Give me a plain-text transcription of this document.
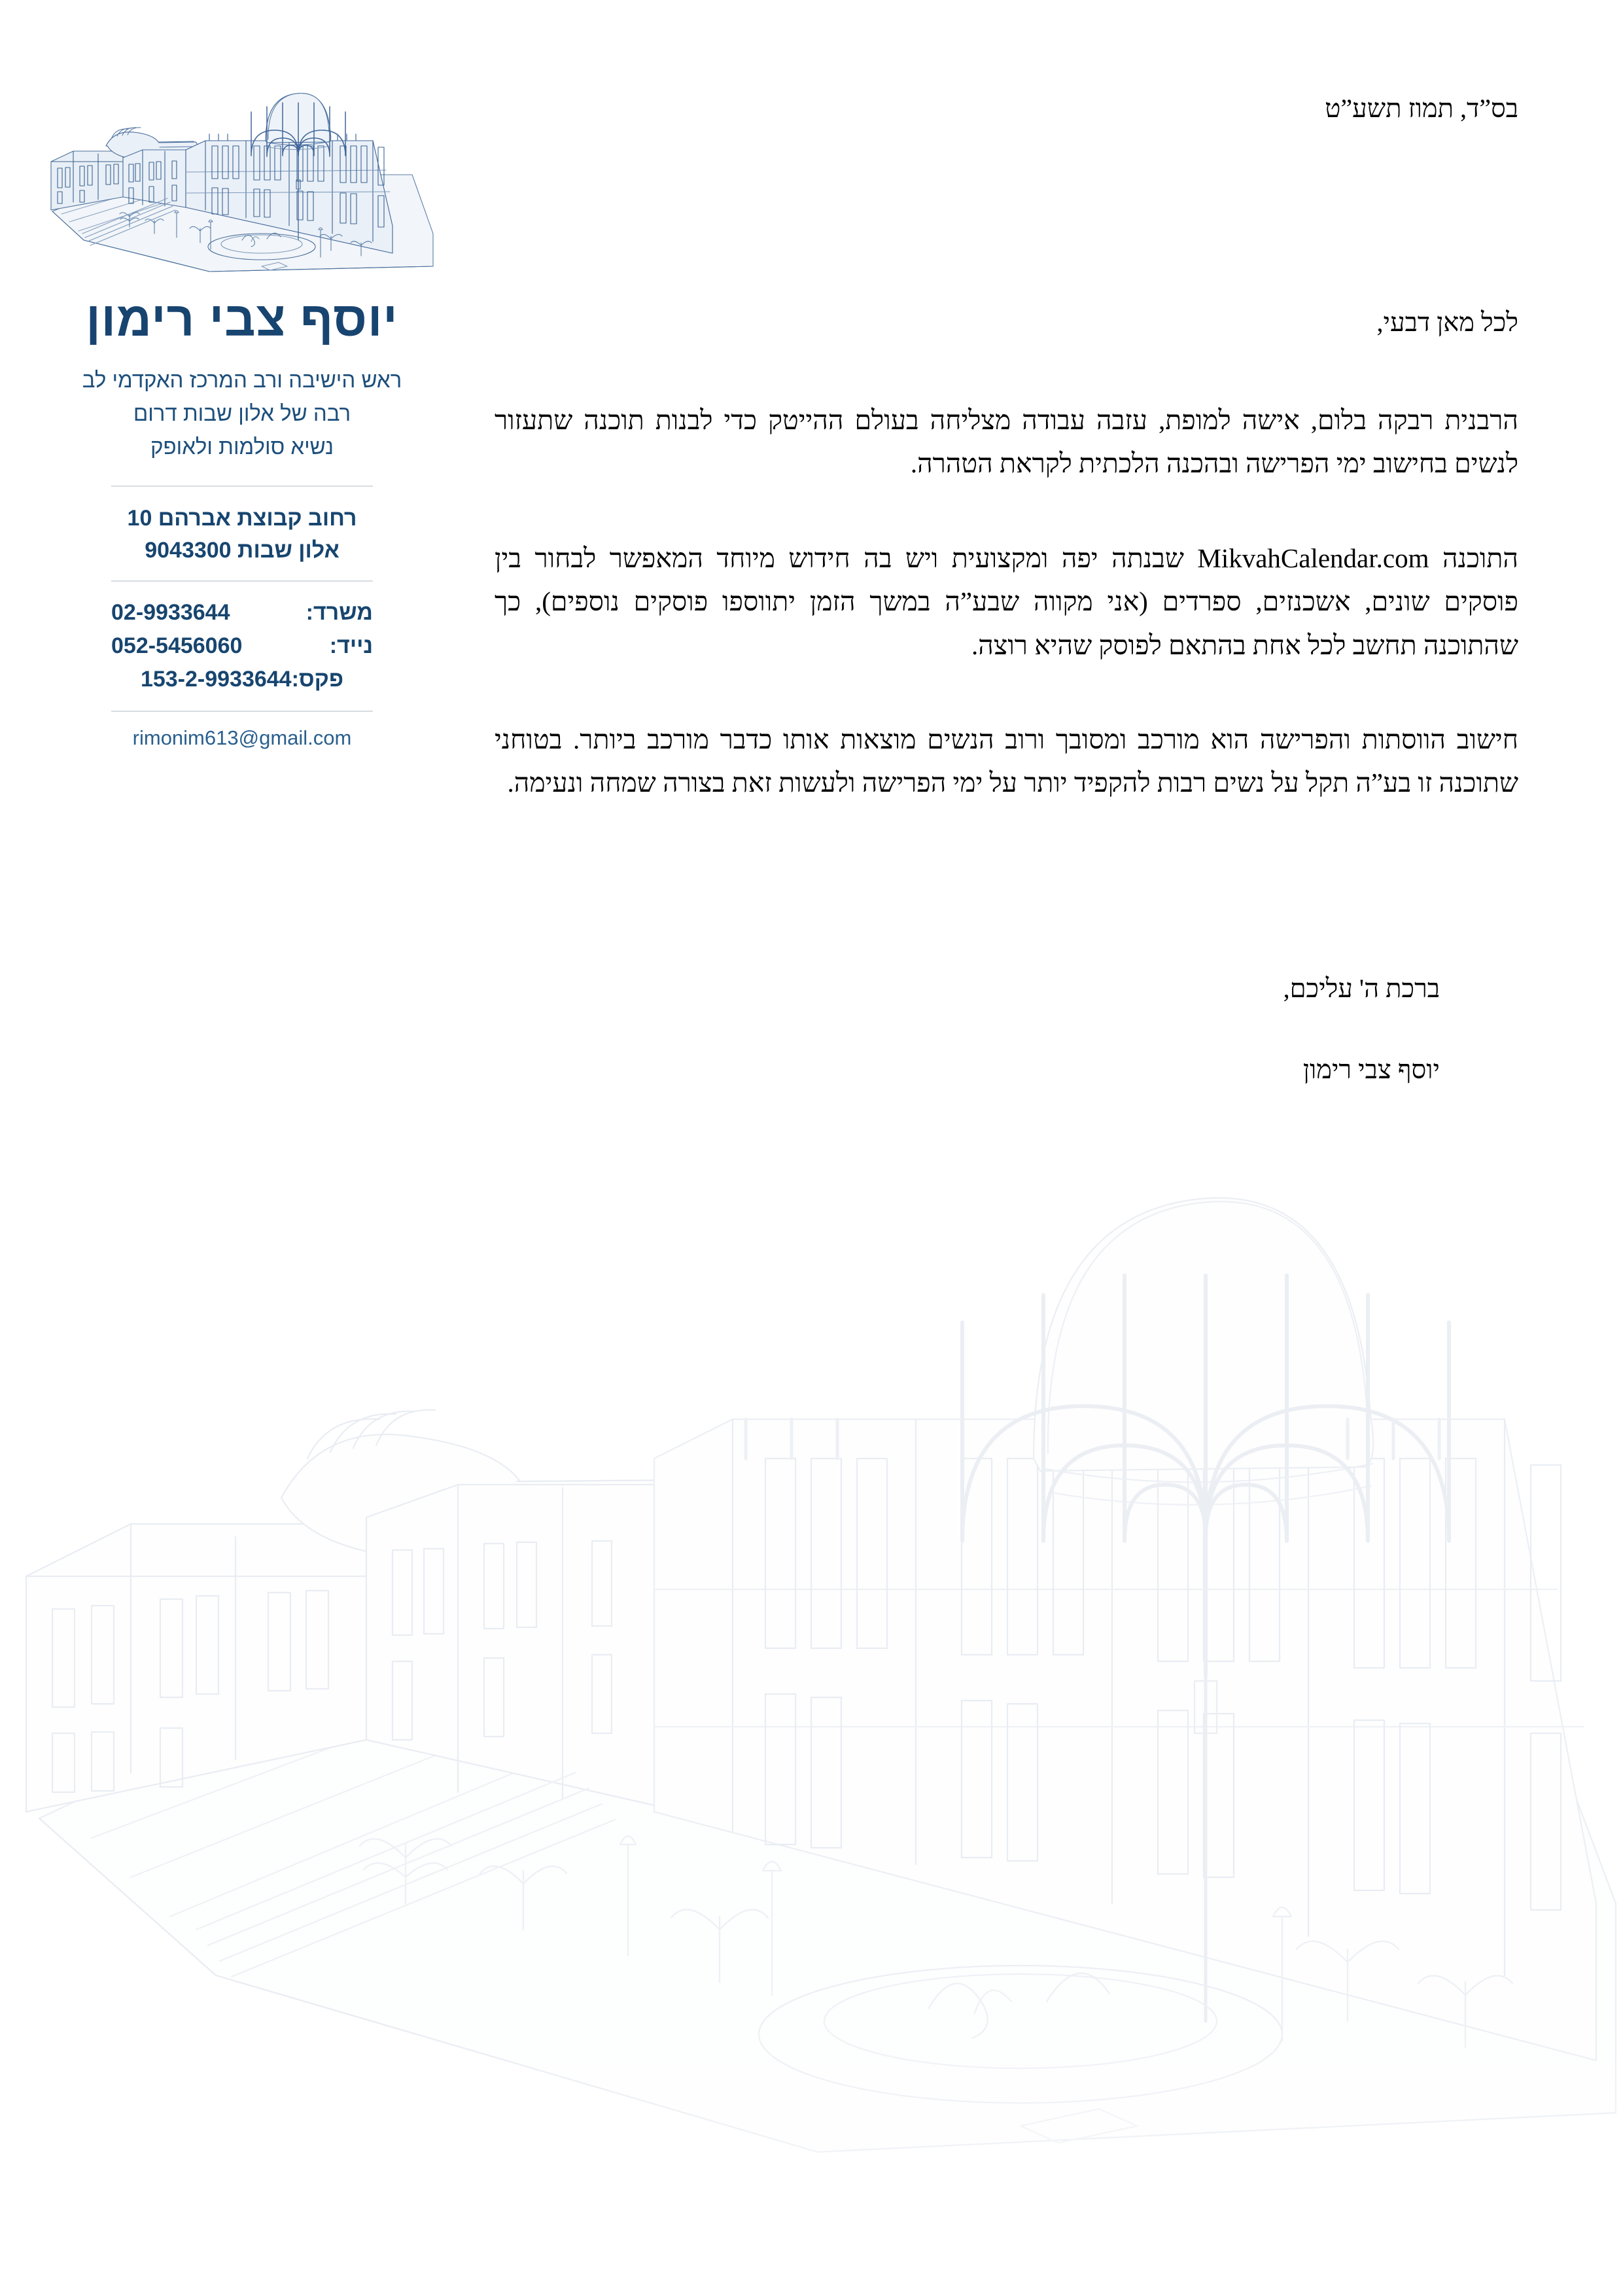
יוסף צבי רימון
ראש הישיבה ורב המרכז האקדמי לב
רבה של אלון שבות דרום
נשיא סולמות ולאופק
רחוב קבוצת אברהם 10
אלון שבות 9043300
משרד:
02-9933644
נייד:
052-5456060
פקס:
153-2-9933644
rimonim613@gmail.com
בס”ד, תמוז תשע”ט
לכל מאן דבעי,

הרבנית רבקה בלום, אישה למופת, עזבה עבודה מצליחה בעולם ההייטק כדי לבנות תוכנה שתעזור לנשים בחישוב ימי הפרישה ובהכנה הלכתית לקראת הטהרה.

התוכנה MikvahCalendar.com שבנתה יפה ומקצועית ויש בה חידוש מיוחד המאפשר לבחור בין פוסקים שונים, אשכנזים, ספרדים (אני מקווה שבע”ה במשך הזמן יתווספו פוסקים נוספים), כך שהתוכנה תחשב לכל אחת בהתאם לפוסק שהיא רוצה.

חישוב הווסתות והפרישה הוא מורכב ומסובך ורוב הנשים מוצאות אותו כדבר מורכב ביותר. בטוחני שתוכנה זו בע”ה תקל על נשים רבות להקפיד יותר על ימי הפרישה ולעשות זאת בצורה שמחה ונעימה.

ברכת ה' עליכם,
יוסף צבי רימון
